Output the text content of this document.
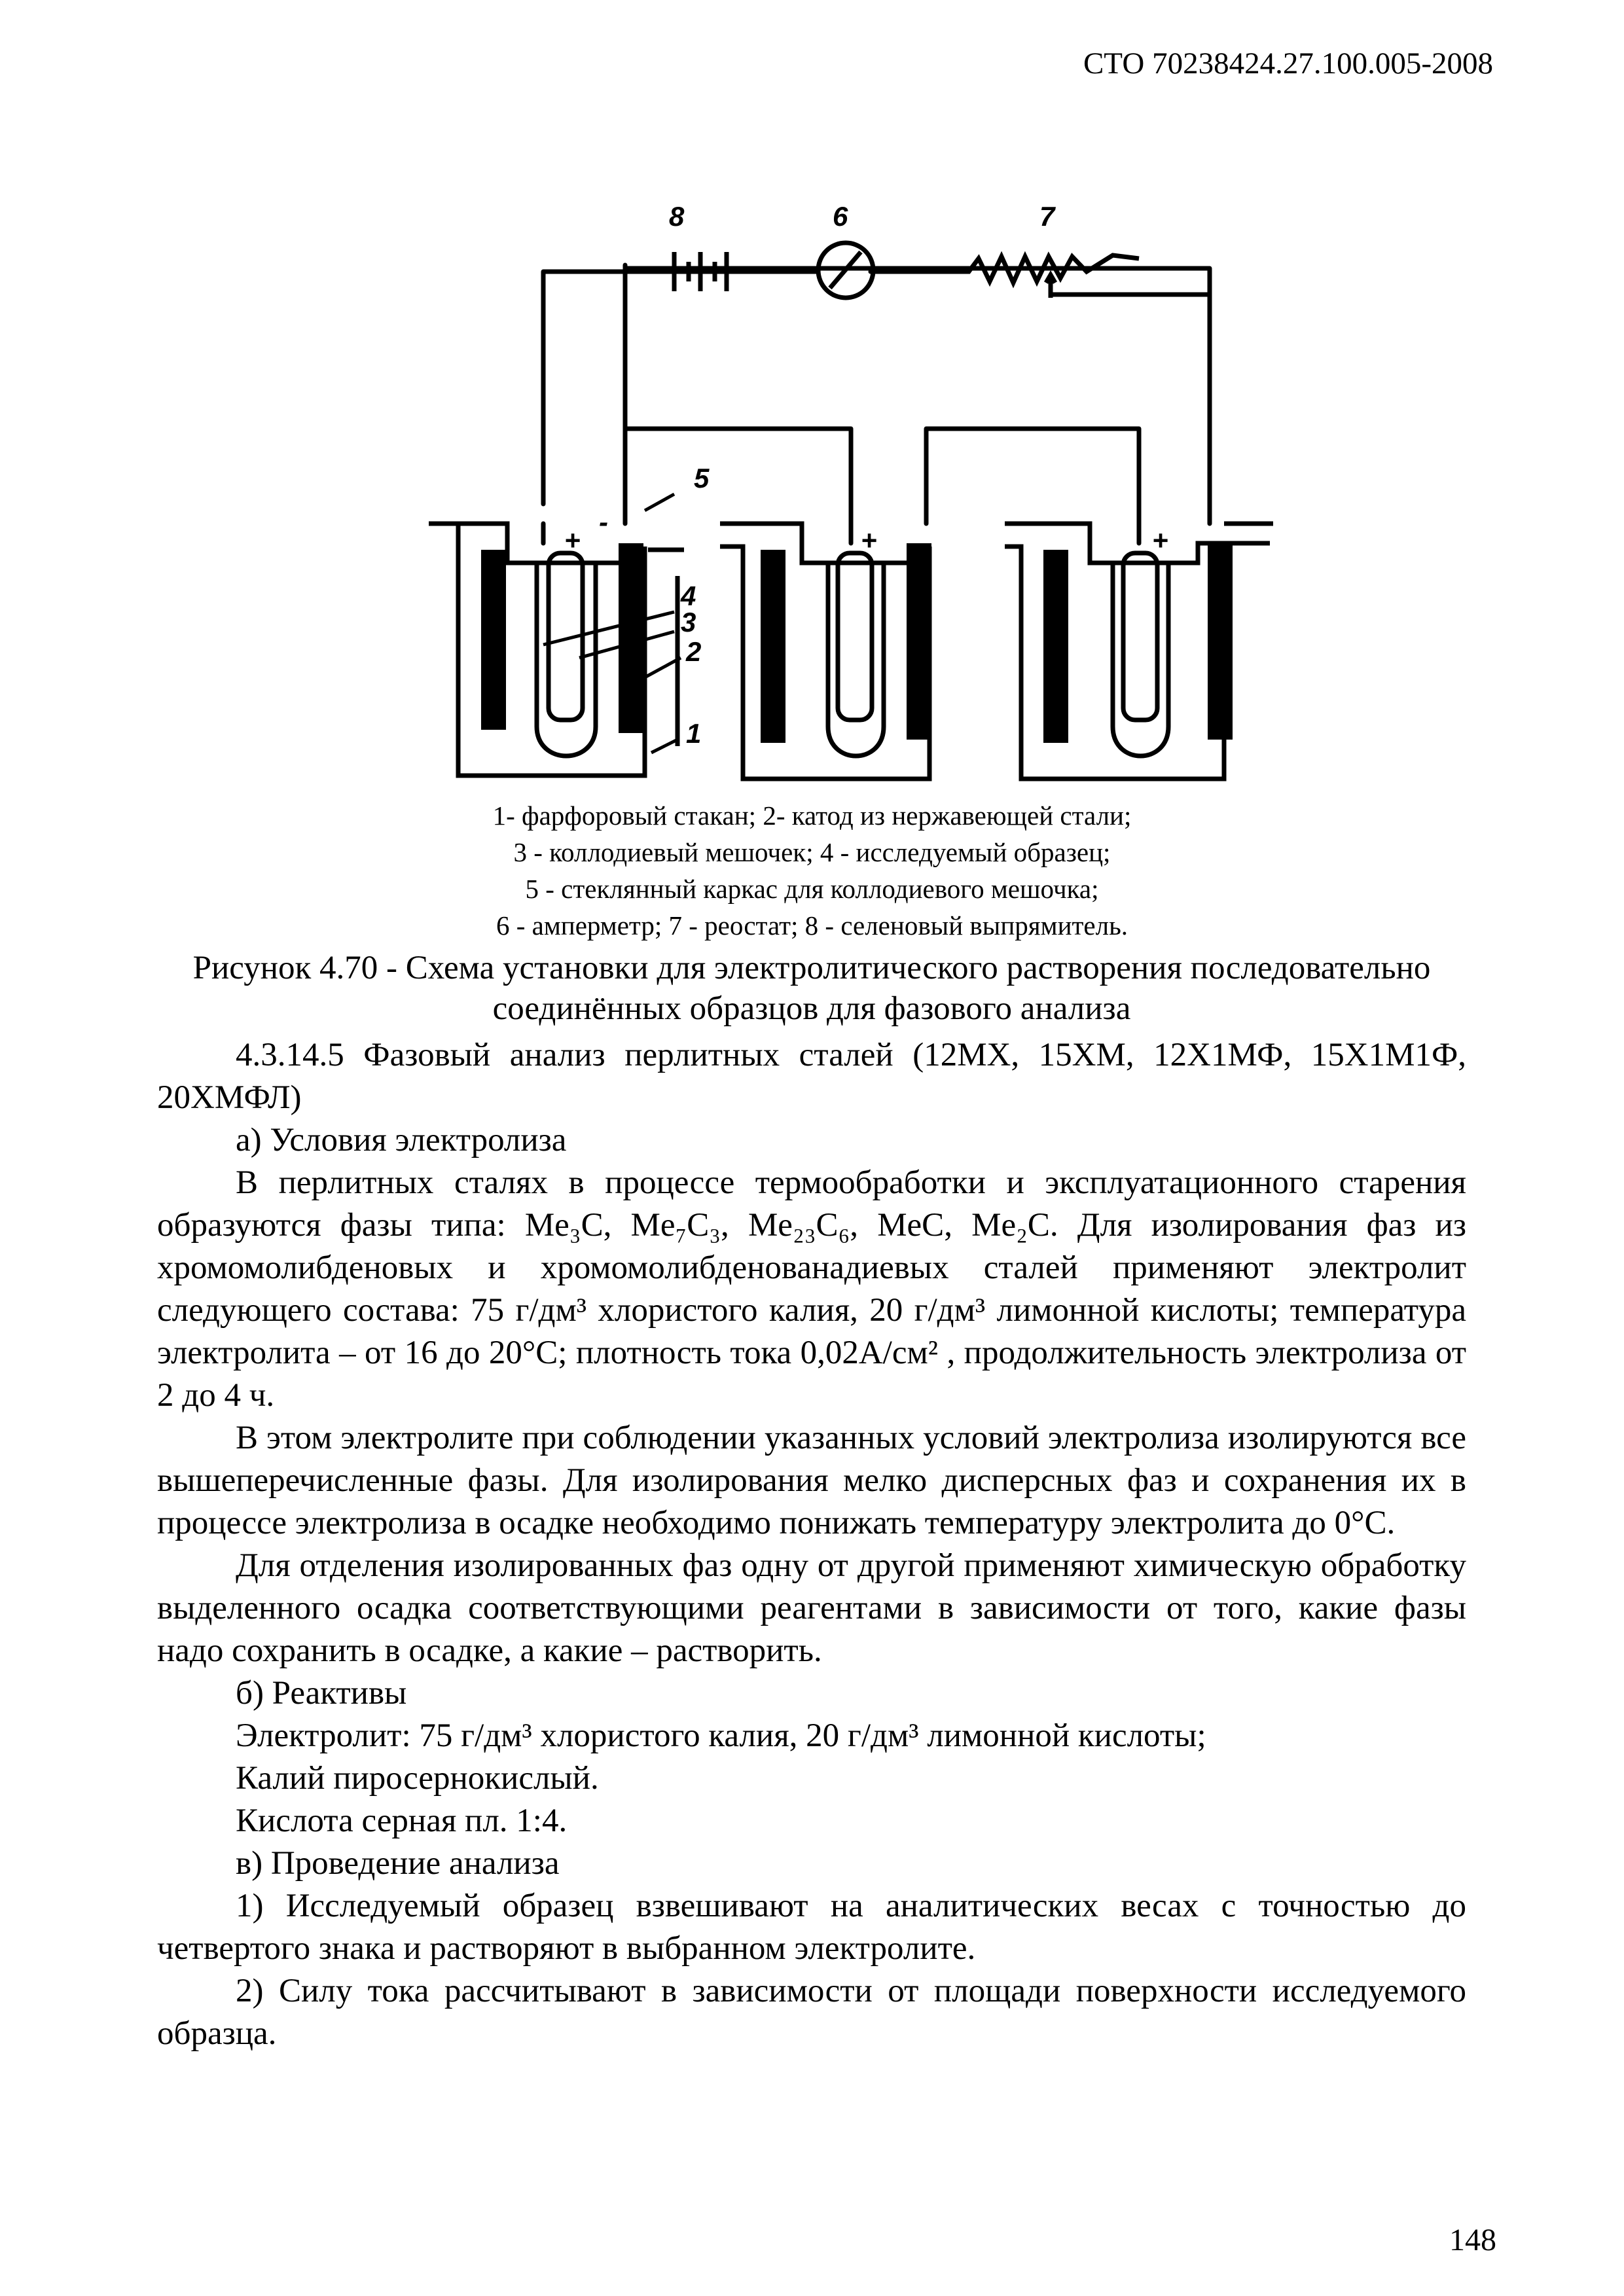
СТО 70238424.27.100.005-2008
8	6	7
5
4
3
2
1
+
-
+	+
1- фарфоровый стакан; 2- катод из нержавеющей стали;
3 - коллодиевый мешочек; 4 - исследуемый образец;
5 - стеклянный каркас для коллодиевого мешочка;
6 - амперметр; 7 - реостат; 8 - селеновый выпрямитель.
Рисунок 4.70 - Схема установки для электролитического растворения последовательно соединённых образцов для фазового анализа

4.3.14.5 Фазовый анализ перлитных сталей (12МХ, 15ХМ, 12Х1МФ, 15Х1М1Ф, 20ХМФЛ)

а) Условия электролиза

В перлитных сталях в процессе термообработки и эксплуатационного старения образуются фазы типа: Me₃C, Me₇C₃, Me₂₃C₆, MeC, Me₂C. Для изолирования фаз из хромомолибденовых и хромомолибденованадиевых сталей применяют электролит следующего состава: 75 г/дм³ хлористого калия, 20 г/дм³ лимонной кислоты; температура электролита – от 16 до 20°С; плотность тока 0,02А/см² , продолжительность электролиза от 2 до 4 ч.

В этом электролите при соблюдении указанных условий электролиза изолируются все вышеперечисленные фазы. Для изолирования мелко дисперсных фаз и сохранения их в процессе электролиза в осадке необходимо понижать температуру электролита до 0°С.

Для отделения изолированных фаз одну от другой применяют химическую обработку выделенного осадка соответствующими реагентами в зависимости от того, какие фазы надо сохранить в осадке, а какие – растворить.

б) Реактивы

Электролит: 75 г/дм³ хлористого калия, 20 г/дм³ лимонной кислоты;

Калий пиросернокислый.

Кислота серная пл. 1:4.

в) Проведение анализа

1) Исследуемый образец взвешивают на аналитических весах с точностью до четвертого знака и растворяют в выбранном электролите.

2) Силу тока рассчитывают в зависимости от площади поверхности исследуемого образца.

148
